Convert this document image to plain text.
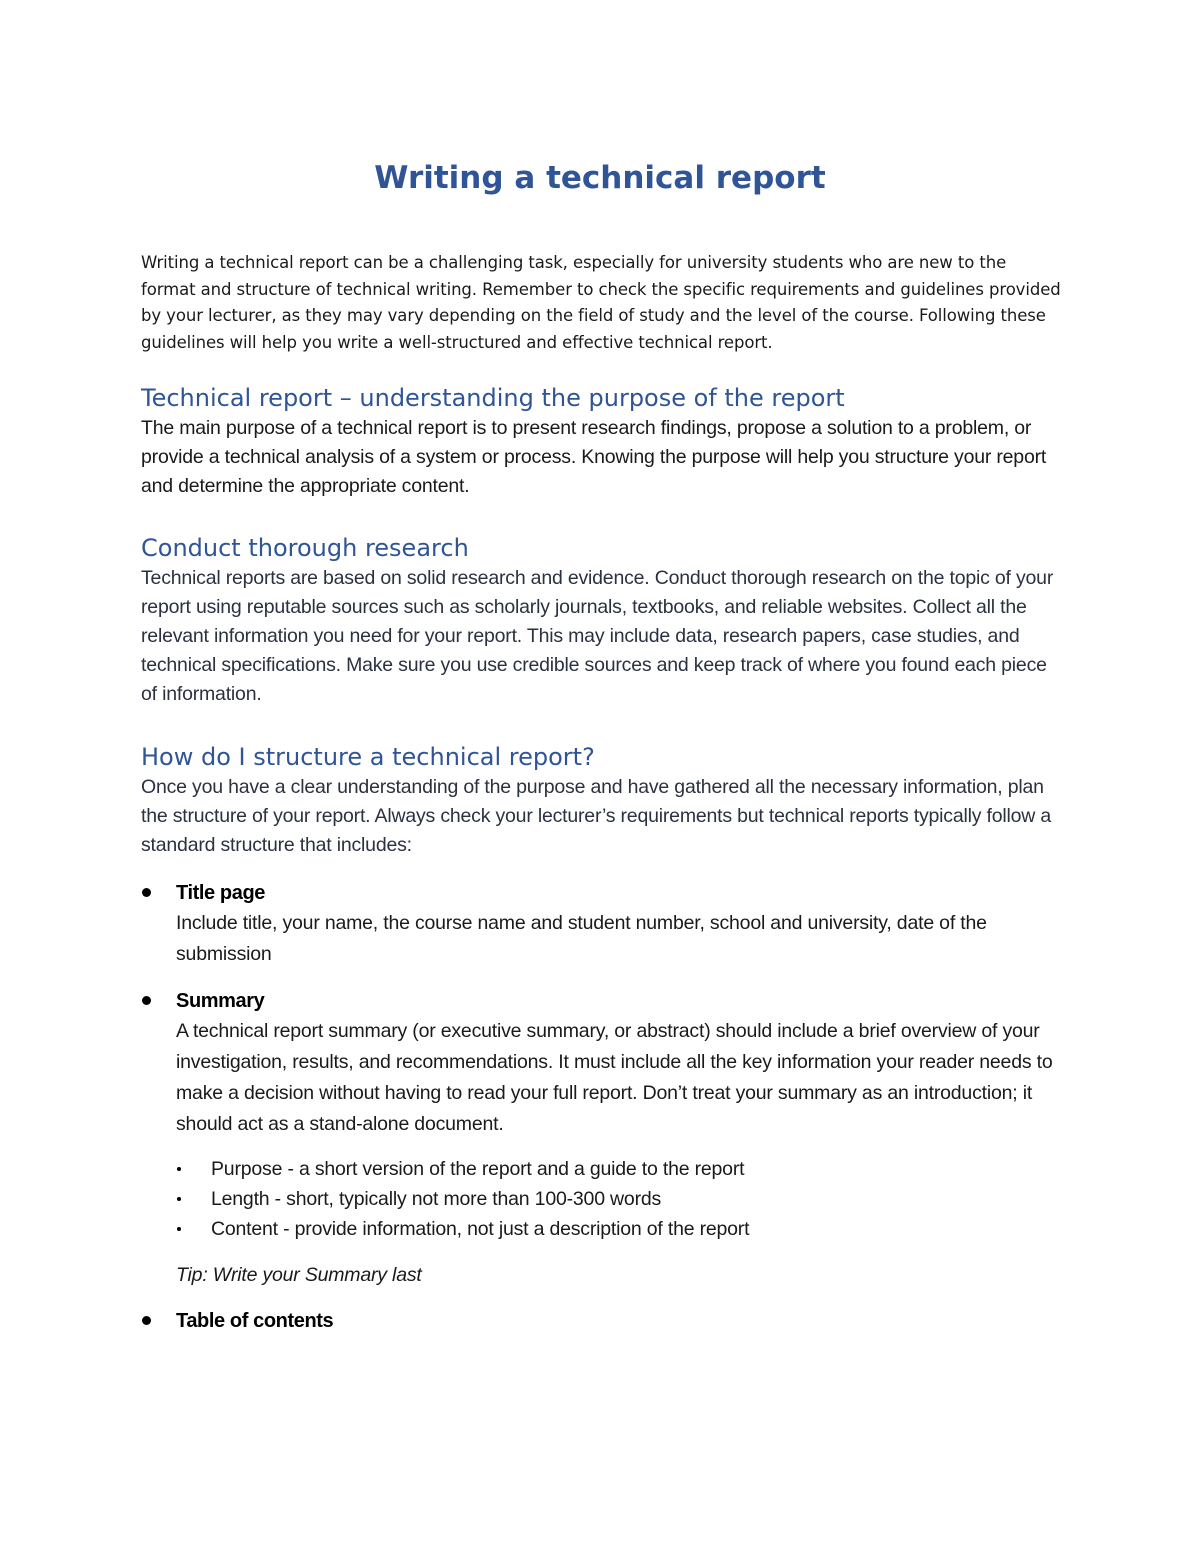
Writing a technical report

Writing a technical report can be a challenging task, especially for university students who are new to the format and structure of technical writing. Remember to check the specific requirements and guidelines provided by your lecturer, as they may vary depending on the field of study and the level of the course. Following these guidelines will help you write a well-structured and effective technical report.

Technical report – understanding the purpose of the report

The main purpose of a technical report is to present research findings, propose a solution to a problem, or provide a technical analysis of a system or process. Knowing the purpose will help you structure your report and determine the appropriate content.

Conduct thorough research

Technical reports are based on solid research and evidence. Conduct thorough research on the topic of your report using reputable sources such as scholarly journals, textbooks, and reliable websites. Collect all the relevant information you need for your report. This may include data, research papers, case studies, and technical specifications. Make sure you use credible sources and keep track of where you found each piece of information.

How do I structure a technical report?

Once you have a clear understanding of the purpose and have gathered all the necessary information, plan the structure of your report. Always check your lecturer’s requirements but technical reports typically follow a standard structure that includes:

Title page
Include title, your name, the course name and student number, school and university, date of the submission
Summary
A technical report summary (or executive summary, or abstract) should include a brief overview of your investigation, results, and recommendations. It must include all the key information your reader needs to make a decision without having to read your full report. Don’t treat your summary as an introduction; it should act as a stand-alone document.
Purpose - a short version of the report and a guide to the report
Length - short, typically not more than 100-300 words
Content - provide information, not just a description of the report

Tip: Write your Summary last

Table of contents
